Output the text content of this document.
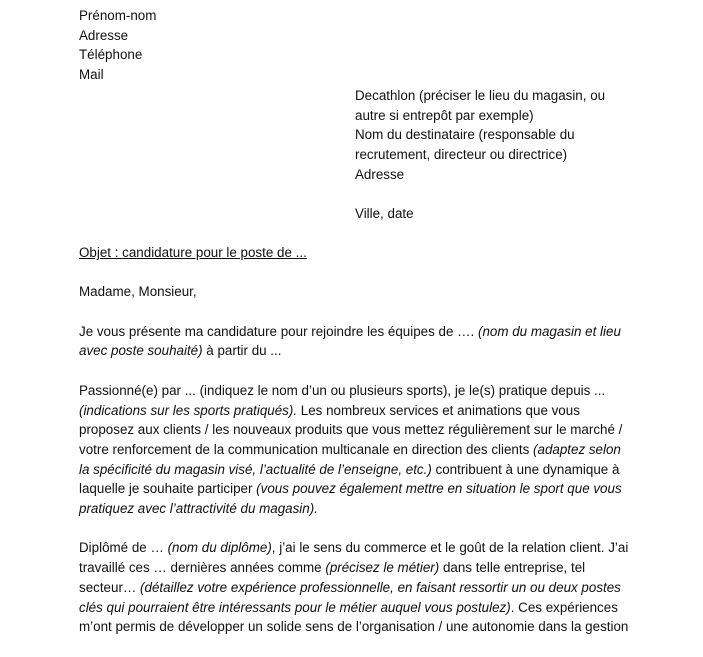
Prénom-nom
Adresse
Téléphone
Mail
Decathlon (préciser le lieu du magasin, ou
autre si entrepôt par exemple)
Nom du destinataire (responsable du
recrutement, directeur ou directrice)
Adresse
Ville, date
Objet : candidature pour le poste de ...
Madame, Monsieur,
Je vous présente ma candidature pour rejoindre les équipes de …. (nom du magasin et lieu
avec poste souhaité) à partir du ...
Passionné(e) par ... (indiquez le nom d’un ou plusieurs sports), je le(s) pratique depuis ...
(indications sur les sports pratiqués). Les nombreux services et animations que vous
proposez aux clients / les nouveaux produits que vous mettez régulièrement sur le marché /
votre renforcement de la communication multicanale en direction des clients (adaptez selon
la spécificité du magasin visé, l’actualité de l’enseigne, etc.) contribuent à une dynamique à
laquelle je souhaite participer (vous pouvez également mettre en situation le sport que vous
pratiquez avec l’attractivité du magasin).
Diplômé de … (nom du diplôme), j’ai le sens du commerce et le goût de la relation client. J’ai
travaillé ces … dernières années comme (précisez le métier) dans telle entreprise, tel
secteur… (détaillez votre expérience professionnelle, en faisant ressortir un ou deux postes
clés qui pourraient être intéressants pour le métier auquel vous postulez). Ces expériences
m’ont permis de développer un solide sens de l’organisation / une autonomie dans la gestion
